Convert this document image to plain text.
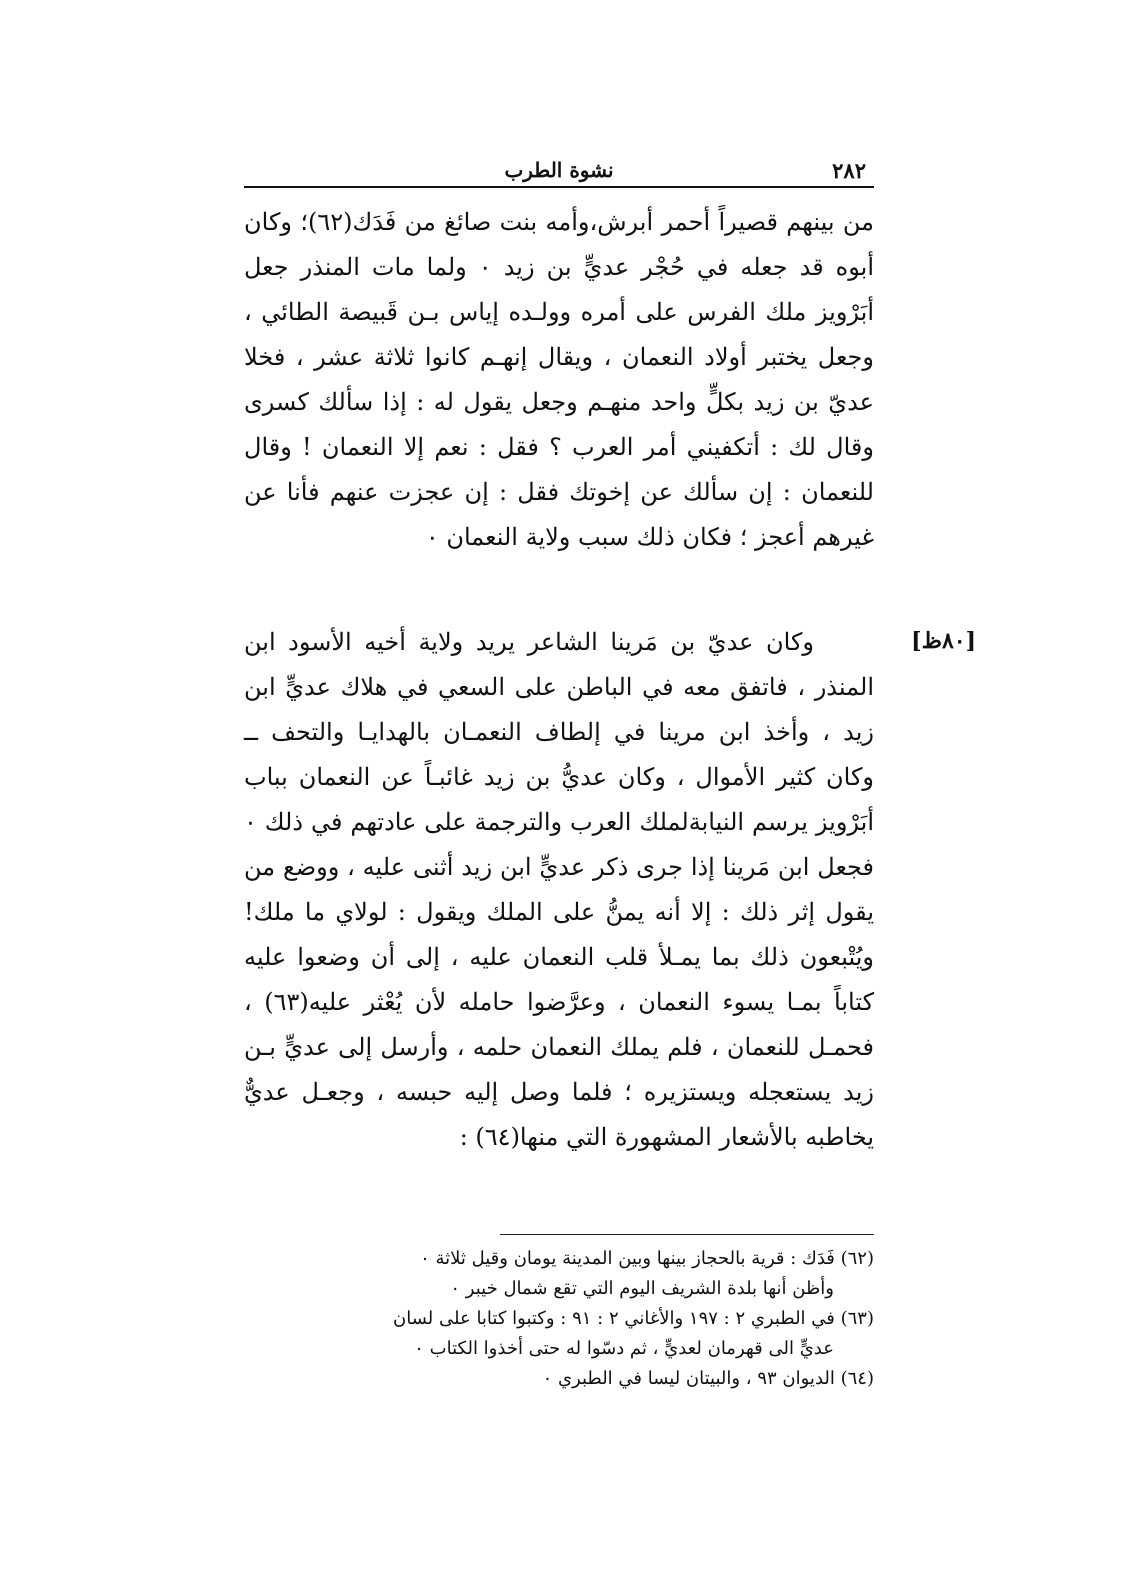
٢٨٢
نشوة الطرب

من بينهم قصيراً أحمر أبرش،وأمه بنت صائغ من فَدَك(٦٢)؛ وكان أبوه قد جعله في حُجْر عديٍّ بن زيد ٠ ولما مات المنذر جعل أبَرْويز ملك الفرس على أمره وولـده إياس بـن قَبيصة الطائي ، وجعل يختبر أولاد النعمان ، ويقال إنهـم كانوا ثلاثة عشر ، فخلا عديّ بن زيد بكلٍّ واحد منهـم وجعل يقول له : إذا سألك كسرى وقال لك : أتكفيني أمر العرب ؟ فقل : نعم إلا النعمان ! وقال للنعمان : إن سألك عن إخوتك فقل : إن عجزت عنهم فأنا عن غيرهم أعجز ؛ فكان ذلك سبب ولاية النعمان ٠

[٨٠ظ]

وكان عديّ بن مَرينا الشاعر يريد ولاية أخيه الأسود ابن المنذر ، فاتفق معه في الباطن على السعي في هلاك عديٍّ ابن زيد ، وأخذ ابن مرينا في إلطاف النعمـان بالهدايـا والتحف ــ وكان كثير الأموال ، وكان عديُّ بن زيد غائبـاً عن النعمان بباب أبَرْويز يرسم النيابةلملك العرب والترجمة على عادتهم في ذلك ٠ فجعل ابن مَرينا إذا جرى ذكر عديٍّ ابن زيد أثنى عليه ، ووضع من يقول إثر ذلك : إلا أنه يمنُّ على الملك ويقول : لولاي ما ملك! ويُتْبعون ذلك بما يمـلأ قلب النعمان عليه ، إلى أن وضعوا عليه كتاباً بمـا يسوء النعمان ، وعرَّضوا حامله لأن يُعْثر عليه(٦٣) ، فحمـل للنعمان ، فلم يملك النعمان حلمه ، وأرسل إلى عديٍّ بـن زيد يستعجله ويستزيره ؛ فلما وصل إليه حبسه ، وجعـل عديٌّ يخاطبه بالأشعار المشهورة التي منها(٦٤) :

(٦٢) فَدَك : قرية بالحجاز بينها وبين المدينة يومان وقيل ثلاثة ٠

وأظن أنها بلدة الشريف اليوم التي تقع شمال خيبر ٠

(٦٣) في الطبري ٢ : ١٩٧ والأغاني ٢ : ٩١ : وكتبوا كتابا على لسان

عديٍّ الى قهرمان لعديٍّ ، ثم دسّوا له حتى أخذوا الكتاب ٠

(٦٤) الديوان ٩٣ ، والبيتان ليسا في الطبري ٠
